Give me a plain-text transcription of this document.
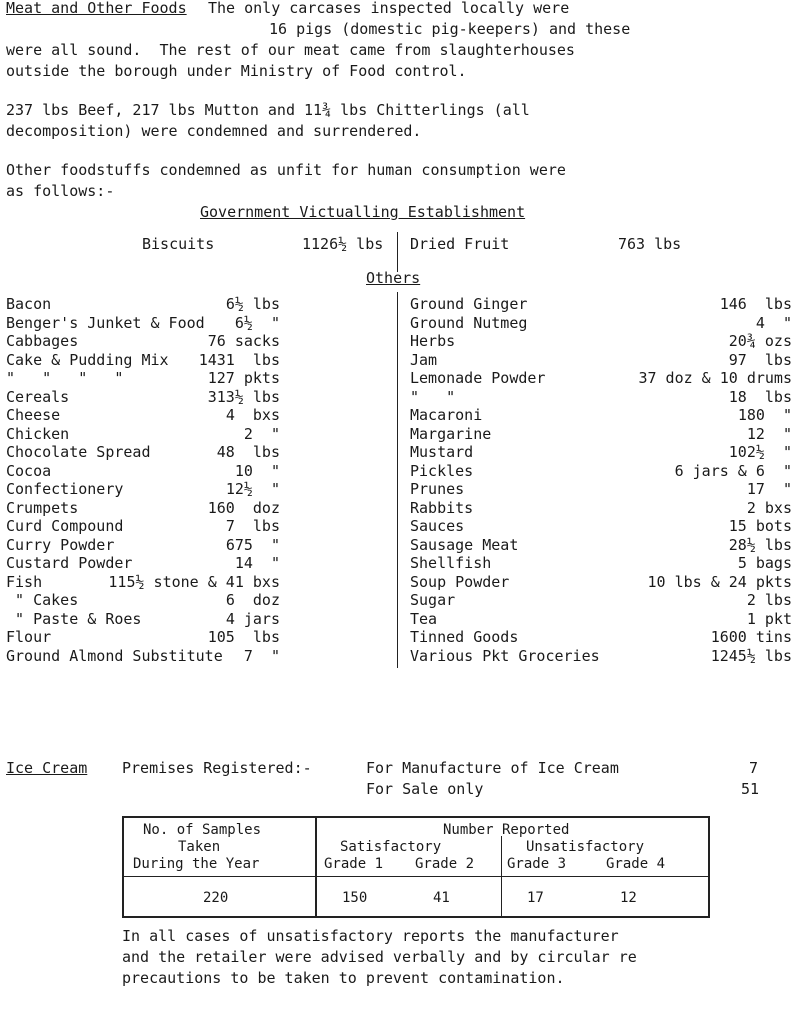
Meat and Other Foods The only carcases inspected locally were
16 pigs (domestic pig-keepers) and these
were all sound.  The rest of our meat came from slaughterhouses
outside the borough under Ministry of Food control.
237 lbs Beef, 217 lbs Mutton and 11¾ lbs Chitterlings (all
decomposition) were condemned and surrendered.
Other foodstuffs condemned as unfit for human consumption were
as follows:-
Government Victualling Establishment
Biscuits	1126½ lbs Dried Fruit	763 lbs
Others
Bacon	6½ lbs
Benger's Junket & Food 6½  "
Cabbages	76 sacks
Cake & Pudding Mix 1431  lbs
"   "   "   "	127 pkts
Cereals	313½ lbs
Cheese	4  bxs
Chicken	2  "
Chocolate Spread	48  lbs
Cocoa	10  "
Confectionery	12½  "
Crumpets	160  doz
Curd Compound	7  lbs
Curry Powder	675  "
Custard Powder	14  "
Fish	115½ stone & 41 bxs
" Cakes	6  doz
" Paste & Roes	4 jars
Flour	105  lbs
Ground Almond Substitute 7  "
Ground Ginger	146  lbs
Ground Nutmeg	4  "
Herbs	20¾ ozs
Jam	97  lbs
Lemonade Powder	37 doz & 10 drums
"   "	18  lbs
Macaroni	180  "
Margarine	12  "
Mustard	102½  "
Pickles	6 jars & 6  "
Prunes	17  "
Rabbits	2 bxs
Sauces	15 bots
Sausage Meat	28½ lbs
Shellfish	5 bags
Soup Powder	10 lbs & 24 pkts
Sugar	2 lbs
Tea	1 pkt
Tinned Goods	1600 tins
Various Pkt Groceries	1245½ lbs
Ice Cream Premises Registered:-	For Manufacture of Ice Cream	7
For Sale only	51
No. of Samples
Taken
During the Year
Number Reported
Satisfactory	Unsatisfactory
Grade 1 Grade 2 Grade 3	Grade 4
220	150	41	17	12
In all cases of unsatisfactory reports the manufacturer
and the retailer were advised verbally and by circular re
precautions to be taken to prevent contamination.
